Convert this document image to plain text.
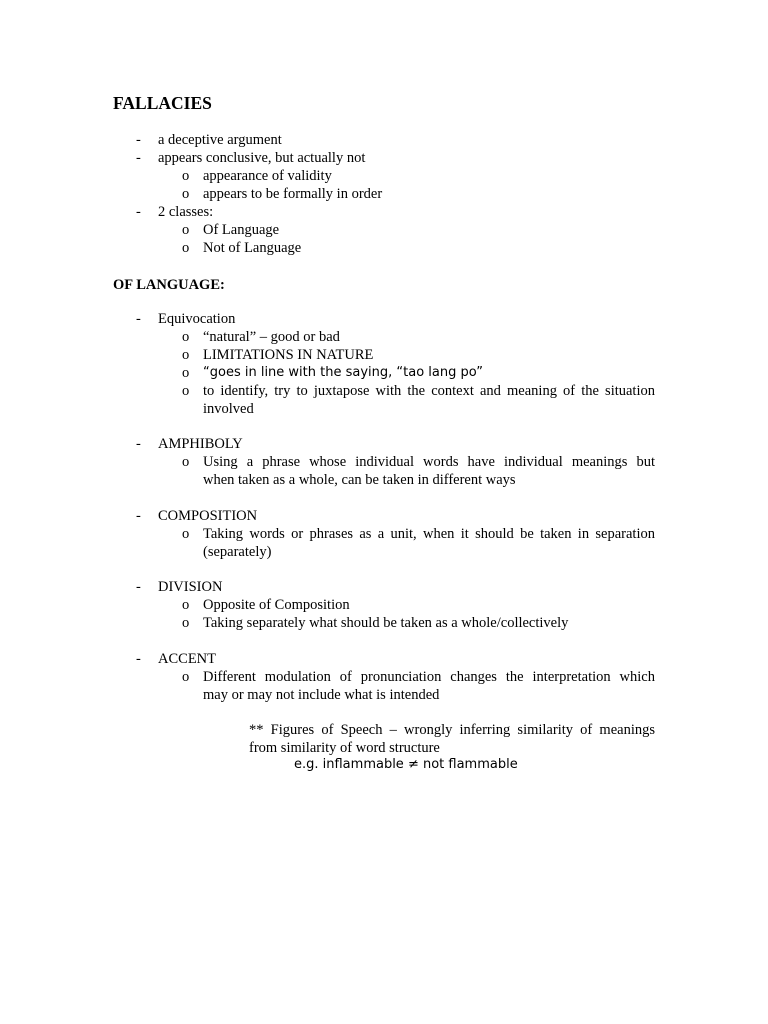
FALLACIES
- a deceptive argument
- appears conclusive, but actually not
o appearance of validity
o appears to be formally in order
- 2 classes:
o Of Language
o Not of Language
OF LANGUAGE:
- Equivocation
o “natural” – good or bad
o LIMITATIONS IN NATURE
o “goes in line with the saying, “tao lang po”
o to identify, try to juxtapose with the context and meaning of the situation
involved
- AMPHIBOLY
o Using a phrase whose individual words have individual meanings but
when taken as a whole, can be taken in different ways
- COMPOSITION
o Taking words or phrases as a unit, when it should be taken in separation
(separately)
- DIVISION
o Opposite of Composition
o Taking separately what should be taken as a whole/collectively
- ACCENT
o Different modulation of pronunciation changes the interpretation which
may or may not include what is intended
** Figures of Speech – wrongly inferring similarity of meanings
from similarity of word structure
e.g. inflammable ≠ not flammable
